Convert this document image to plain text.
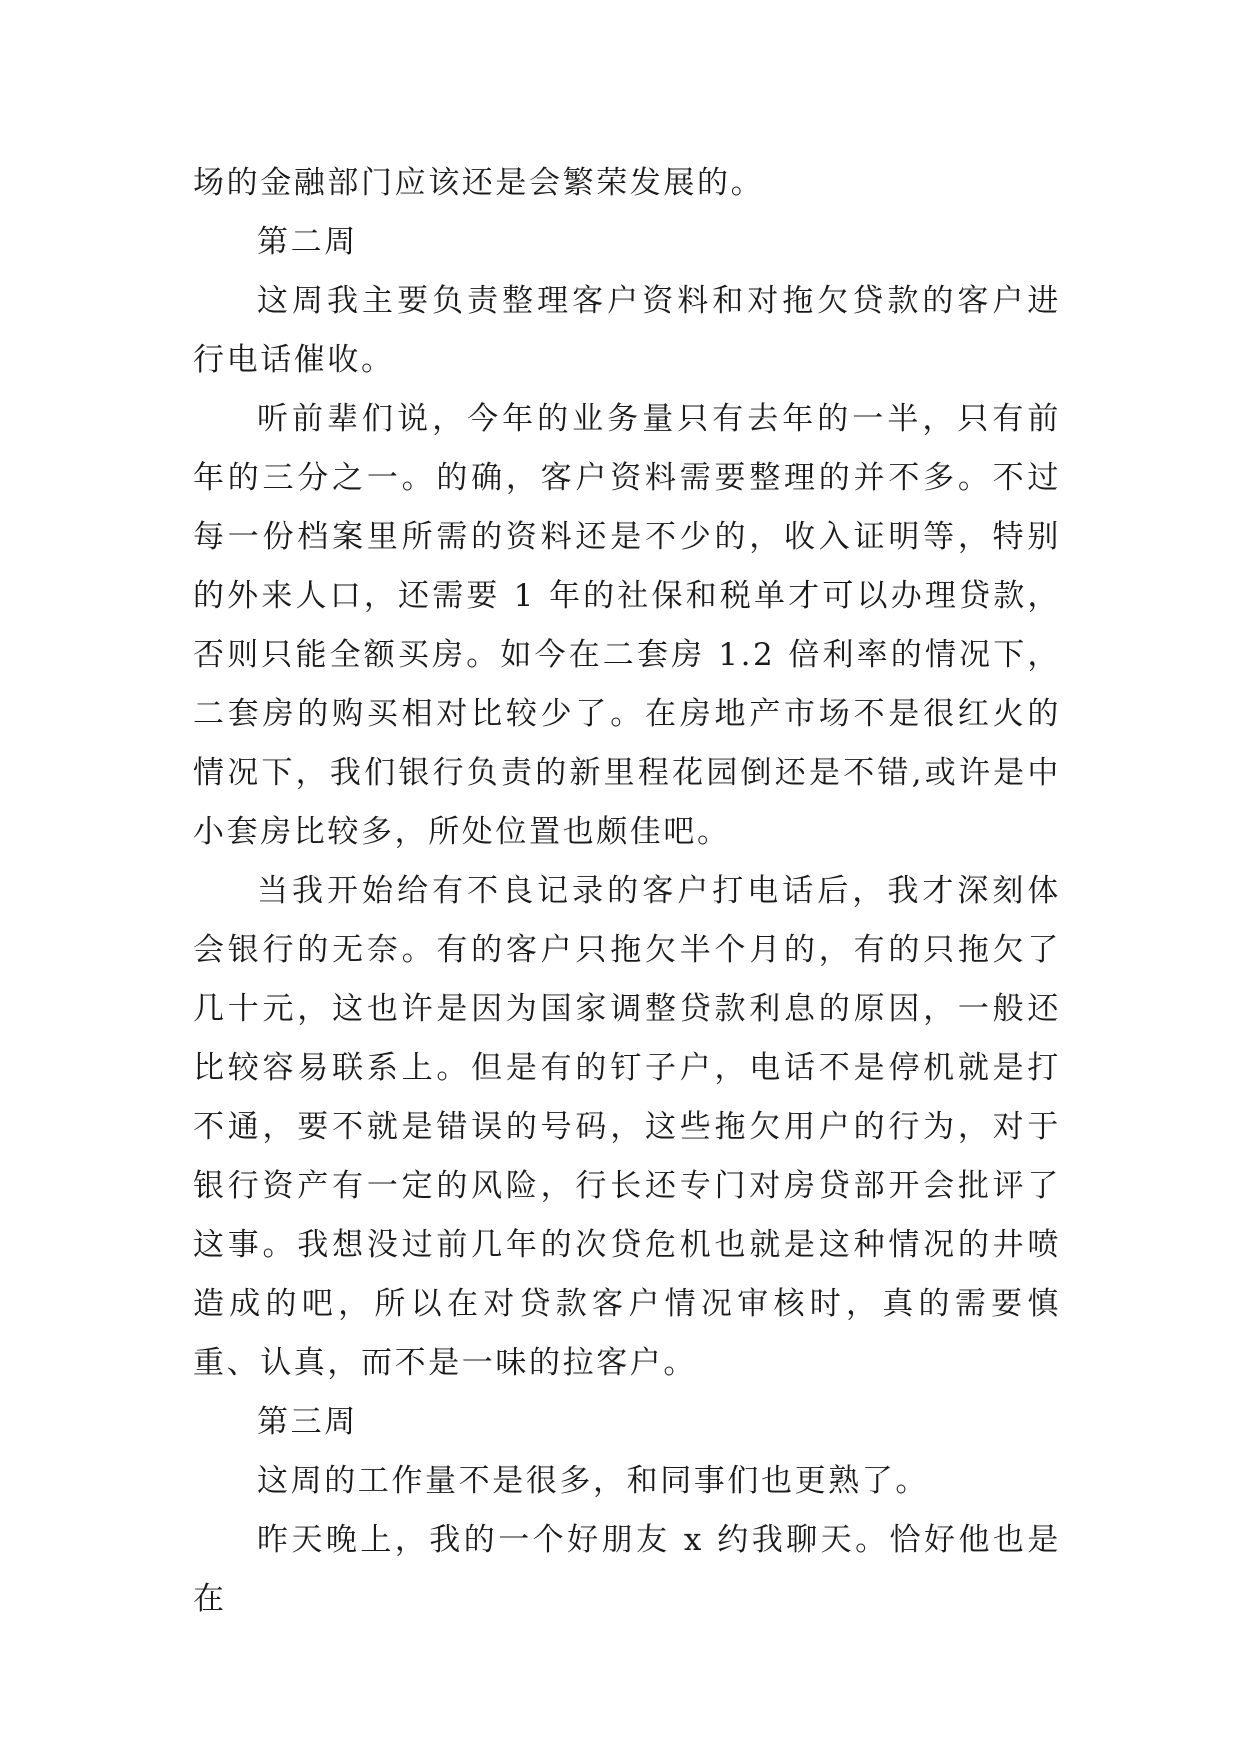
场的金融部门应该还是会繁荣发展的。

第二周

这周我主要负责整理客户资料和对拖欠贷款的客户进行电话催收。

听前辈们说，今年的业务量只有去年的一半，只有前年的三分之一。的确，客户资料需要整理的并不多。不过每一份档案里所需的资料还是不少的，收入证明等，特别的外来人口，还需要 1 年的社保和税单才可以办理贷款，否则只能全额买房。如今在二套房 1.2 倍利率的情况下，二套房的购买相对比较少了。在房地产市场不是很红火的情况下，我们银行负责的新里程花园倒还是不错,或许是中小套房比较多，所处位置也颇佳吧。

当我开始给有不良记录的客户打电话后，我才深刻体会银行的无奈。有的客户只拖欠半个月的，有的只拖欠了几十元，这也许是因为国家调整贷款利息的原因，一般还比较容易联系上。但是有的钉子户，电话不是停机就是打不通，要不就是错误的号码，这些拖欠用户的行为，对于银行资产有一定的风险，行长还专门对房贷部开会批评了这事。我想没过前几年的次贷危机也就是这种情况的井喷造成的吧，所以在对贷款客户情况审核时，真的需要慎重、认真，而不是一味的拉客户。

第三周

这周的工作量不是很多，和同事们也更熟了。

昨天晚上，我的一个好朋友 x 约我聊天。恰好他也是在
